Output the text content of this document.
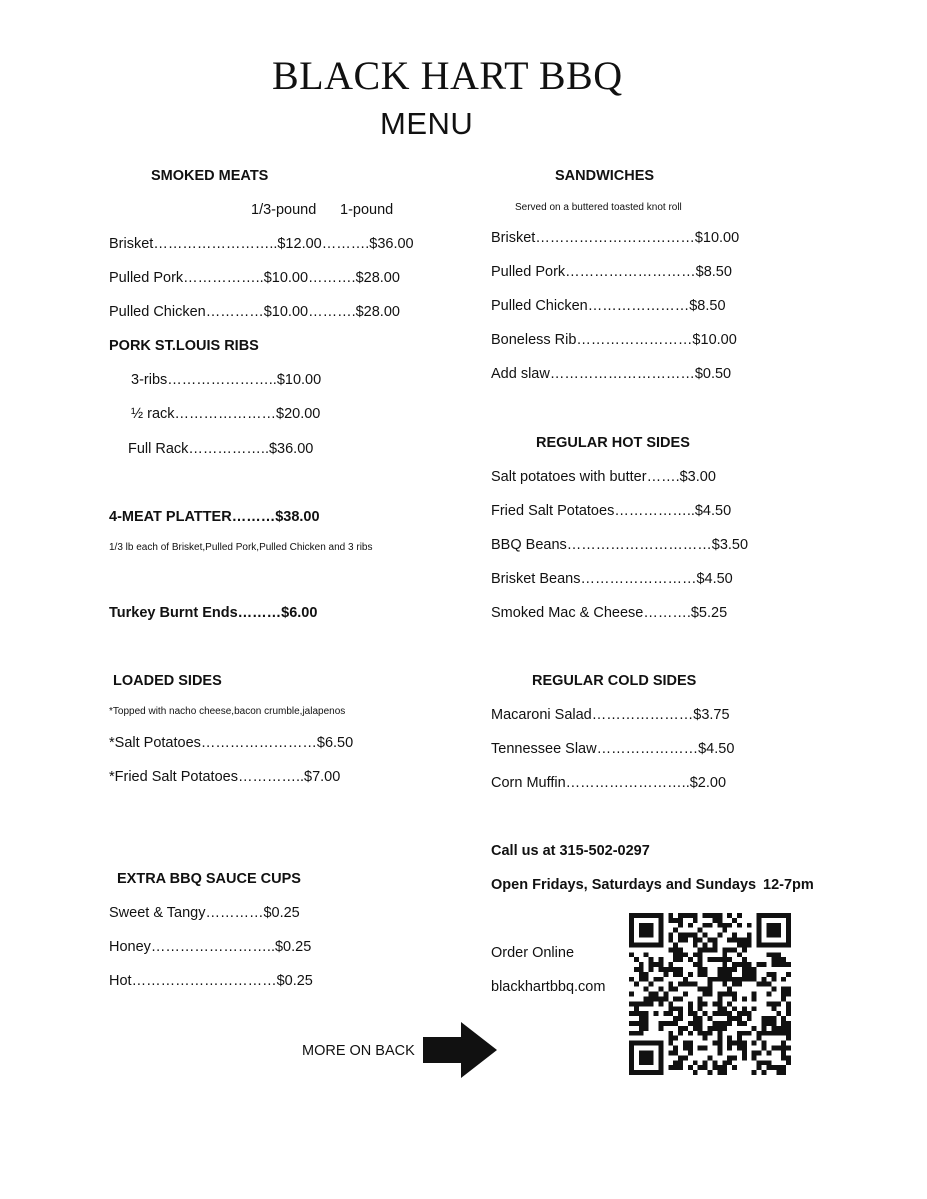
BLACK HART BBQ
MENU
SMOKED MEATS
1/3-pound 1-pound
Brisket……………………..$12.00……….$36.00
Pulled Pork……………..$10.00……….$28.00
Pulled Chicken…………$10.00……….$28.00
PORK ST.LOUIS RIBS
3-ribs…………………..$10.00
½ rack…………………$20.00
Full Rack……………..$36.00
4-MEAT PLATTER………$38.00
1/3 lb each of Brisket,Pulled Pork,Pulled Chicken and 3 ribs
Turkey Burnt Ends………$6.00
LOADED SIDES
*Topped with nacho cheese,bacon crumble,jalapenos
*Salt Potatoes……………………$6.50
*Fried Salt Potatoes…………..$7.00
EXTRA BBQ SAUCE CUPS
Sweet & Tangy…………$0.25
Honey……………………..$0.25
Hot…………………………$0.25
MORE ON BACK
SANDWICHES
Served on a buttered toasted knot roll
Brisket……………………………$10.00
Pulled Pork………………………$8.50
Pulled Chicken…………………$8.50
Boneless Rib……………………$10.00
Add slaw…………………………$0.50
REGULAR HOT SIDES
Salt potatoes with butter…….$3.00
Fried Salt Potatoes……………..$4.50
BBQ Beans…………………………$3.50
Brisket Beans……………………$4.50
Smoked Mac & Cheese……….$5.25
REGULAR COLD SIDES
Macaroni Salad…………………$3.75
Tennessee Slaw…………………$4.50
Corn Muffin……………………..$2.00
Call us at 315-502-0297
Open Fridays, Saturdays and Sundays 12-7pm
Order Online
blackhartbbq.com
